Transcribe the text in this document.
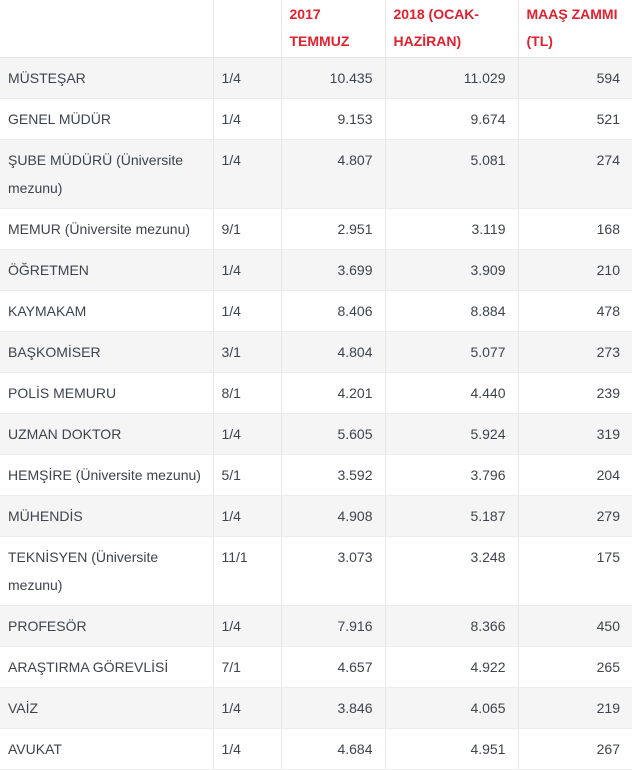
		2017 TEMMUZ	2018 (OCAK-HAZİRAN)	MAAŞ ZAMMI (TL)
MÜSTEŞAR	1/4	10.435	11.029	594
GENEL MÜDÜR	1/4	9.153	9.674	521
ŞUBE MÜDÜRÜ (Üniversite mezunu)	1/4	4.807	5.081	274
MEMUR (Üniversite mezunu)	9/1	2.951	3.119	168
ÖĞRETMEN	1/4	3.699	3.909	210
KAYMAKAM	1/4	8.406	8.884	478
BAŞKOMİSER	3/1	4.804	5.077	273
POLİS MEMURU	8/1	4.201	4.440	239
UZMAN DOKTOR	1/4	5.605	5.924	319
HEMŞİRE (Üniversite mezunu)	5/1	3.592	3.796	204
MÜHENDİS	1/4	4.908	5.187	279
TEKNİSYEN (Üniversite mezunu)	11/1	3.073	3.248	175
PROFESÖR	1/4	7.916	8.366	450
ARAŞTIRMA GÖREVLİSİ	7/1	4.657	4.922	265
VAİZ	1/4	3.846	4.065	219
AVUKAT	1/4	4.684	4.951	267
